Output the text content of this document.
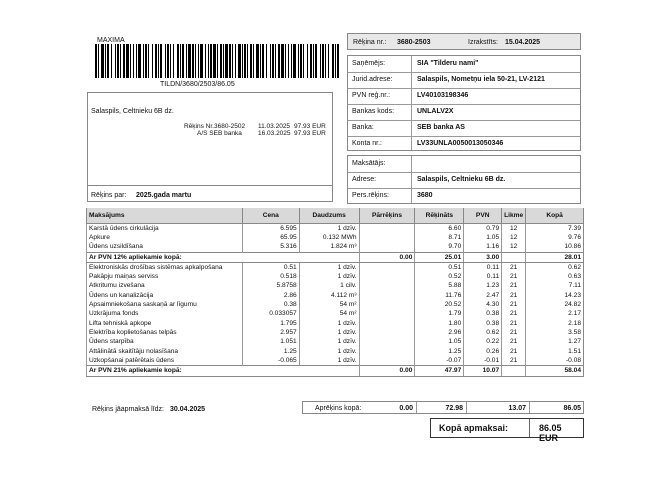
MAXIMA
TILDN/3680/2503/86.05
Salaspils, Celtnieku 6B dz.
Rēķins Nr.3680-2502 11.03.2025 97.93 EUR
A/S SEB banka 16.03.2025 97.93 EUR
Rēķins par: 2025.gada martu
Rēķina nr.: 3680-2503	Izrakstīts: 15.04.2025
Saņēmējs:	SIA "Tilderu nami"
Jurid.adrese:	Salaspils, Nometņu iela 50-21, LV-2121
PVN reģ.nr.:	LV40103198346
Bankas kods:	UNLALV2X
Banka:	SEB banka AS
Konta nr.:	LV33UNLA0050013050346
Maksātājs:
Adrese:	Salaspils, Celtnieku 6B dz.
Pers.rēķins:	3680
Maksājums	Cena	Daudzums	Pārrēķins	Rēķināts	PVN	Likme	Kopā
Karstā ūdens cirkulācija	6.595	1 dzīv.		6.60	0.79	12	7.39
Apkure	65.95	0.132 MWh		8.71	1.05	12	9.76
Ūdens uzsildīšana	5.316	1.824 m³		9.70	1.16	12	10.86
Ar PVN 12% apliekamie kopā:			0.00	25.01	3.00		28.01
Elektroniskās drošības sistēmas apkalpošana	0.51	1 dzīv.		0.51	0.11	21	0.62
Pakāpju maiņas serviss	0.518	1 dzīv.		0.52	0.11	21	0.63
Atkritumu izvešana	5.8758	1 cilv.		5.88	1.23	21	7.11
Ūdens un kanalizācija	2.86	4.112 m³		11.76	2.47	21	14.23
Apsaimniekošana saskaņā ar līgumu	0.38	54 m²		20.52	4.30	21	24.82
Uzkrājuma fonds	0.033057	54 m²		1.79	0.38	21	2.17
Lifta tehniskā apkope	1.795	1 dzīv.		1.80	0.38	21	2.18
Elektrība koplietošanas telpās	2.957	1 dzīv.		2.96	0.62	21	3.58
Ūdens starpība	1.051	1 dzīv.		1.05	0.22	21	1.27
Attālinātā skaitītāju nolasīšana	1.25	1 dzīv.		1.25	0.26	21	1.51
Uzkopšanai patērētais ūdens	-0.065	1 dzīv.		-0.07	-0.01	21	-0.08
Ar PVN 21% apliekamie kopā:			0.00	47.97	10.07		58.04
Rēķins jāapmaksā līdz: 30.04.2025	Aprēķins kopā:	0.00	72.98	13.07	86.05
Kopā apmaksai:	86.05 EUR
